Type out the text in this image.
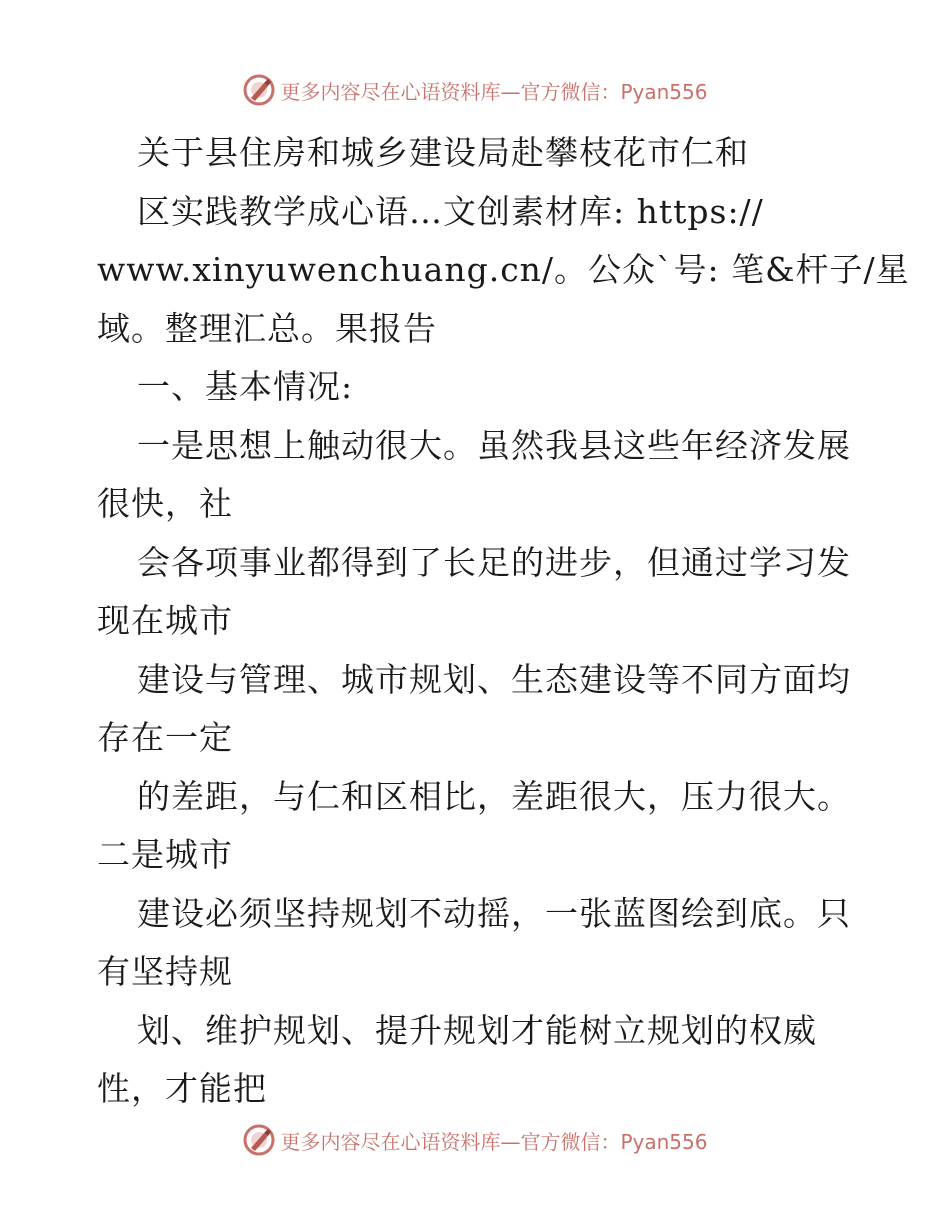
更多内容尽在心语资料库—官方微信：Pyan556
关于县住房和城乡建设局赴攀枝花市仁和
区实践教学成心语…文创素材库: https://
www.xinyuwenchuang.cn/。公众`号: 笔&杆子/星
域。整理汇总。果报告
一、基本情况:
一是思想上触动很大。虽然我县这些年经济发展
很快，社
会各项事业都得到了长足的进步，但通过学习发
现在城市
建设与管理、城市规划、生态建设等不同方面均
存在一定
的差距，与仁和区相比，差距很大，压力很大。
二是城市
建设必须坚持规划不动摇，一张蓝图绘到底。只
有坚持规
划、维护规划、提升规划才能树立规划的权威
性，才能把
更多内容尽在心语资料库—官方微信：Pyan556
